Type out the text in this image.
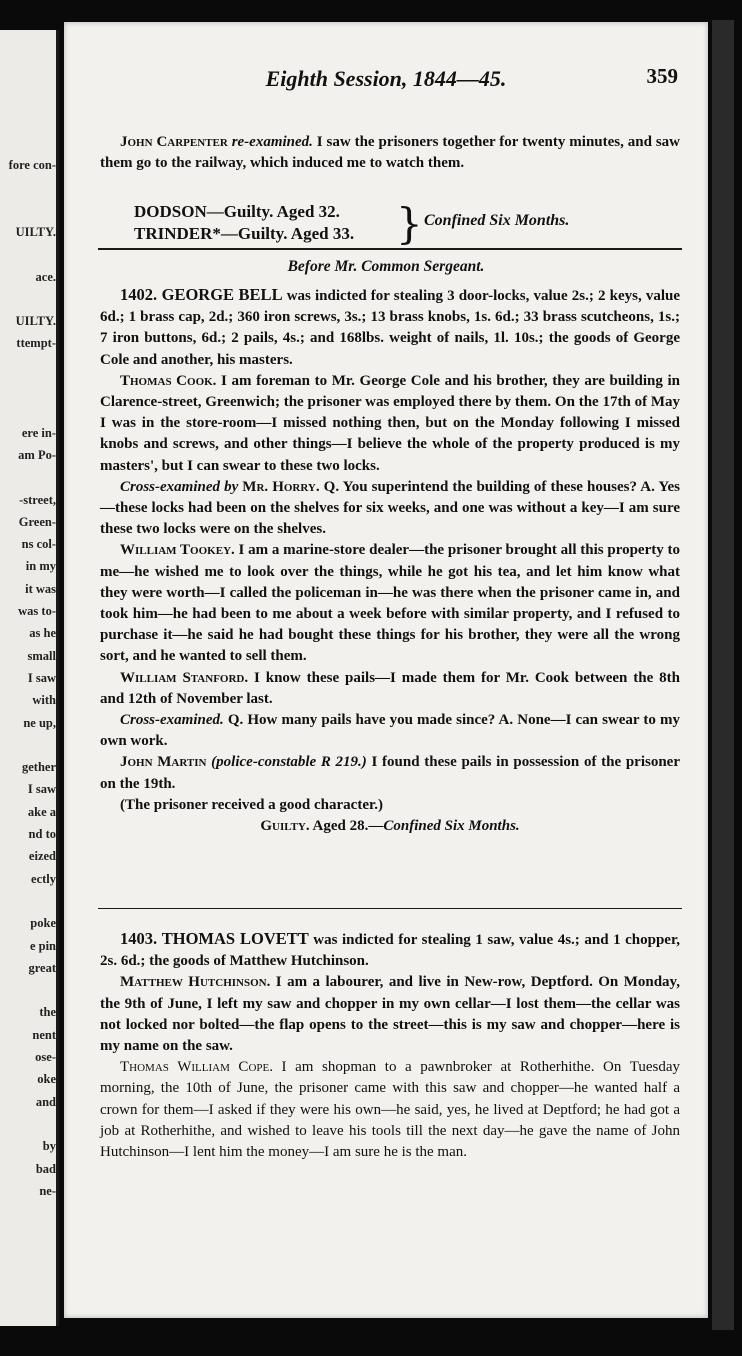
fore con-
UILTY.
ace.
UILTY.
ttempt-
ere in-
am Po-
-street,
Green-
ns col-
in my
it was
was to-
as he
small
I saw
with
ne up,
gether
I saw
ake a
nd to
eized
ectly
poke
e pin
great
the
nent
ose-
oke
and
by
bad
ne-
Eighth Session, 1844—45.	359

John Carpenter re-examined. I saw the prisoners together for twenty minutes, and saw them go to the railway, which induced me to watch them.

DODSON—Guilty. Aged 32.
TRINDER*—Guilty. Aged 33. } Confined Six Months.
Before Mr. Common Sergeant.

1402. GEORGE BELL was indicted for stealing 3 door-locks, value 2s.; 2 keys, value 6d.; 1 brass cap, 2d.; 360 iron screws, 3s.; 13 brass knobs, 1s. 6d.; 33 brass scutcheons, 1s.; 7 iron buttons, 6d.; 2 pails, 4s.; and 168lbs. weight of nails, 1l. 10s.; the goods of George Cole and another, his masters.

Thomas Cook. I am foreman to Mr. George Cole and his brother, they are building in Clarence-street, Greenwich; the prisoner was employed there by them. On the 17th of May I was in the store-room—I missed nothing then, but on the Monday following I missed knobs and screws, and other things—I believe the whole of the property produced is my masters', but I can swear to these two locks.

Cross-examined by Mr. Horry. Q. You superintend the building of these houses? A. Yes—these locks had been on the shelves for six weeks, and one was without a key—I am sure these two locks were on the shelves.

William Tookey. I am a marine-store dealer—the prisoner brought all this property to me—he wished me to look over the things, while he got his tea, and let him know what they were worth—I called the policeman in—he was there when the prisoner came in, and took him—he had been to me about a week before with similar property, and I refused to purchase it—he said he had bought these things for his brother, they were all the wrong sort, and he wanted to sell them.

William Stanford. I know these pails—I made them for Mr. Cook between the 8th and 12th of November last.

Cross-examined. Q. How many pails have you made since? A. None—I can swear to my own work.

John Martin (police-constable R 219.) I found these pails in possession of the prisoner on the 19th.

(The prisoner received a good character.)

Guilty. Aged 28.—Confined Six Months.

1403. THOMAS LOVETT was indicted for stealing 1 saw, value 4s.; and 1 chopper, 2s. 6d.; the goods of Matthew Hutchinson.

Matthew Hutchinson. I am a labourer, and live in New-row, Deptford. On Monday, the 9th of June, I left my saw and chopper in my own cellar—I lost them—the cellar was not locked nor bolted—the flap opens to the street—this is my saw and chopper—here is my name on the saw.

Thomas William Cope. I am shopman to a pawnbroker at Rotherhithe. On Tuesday morning, the 10th of June, the prisoner came with this saw and chopper—he wanted half a crown for them—I asked if they were his own—he said, yes, he lived at Deptford; he had got a job at Rotherhithe, and wished to leave his tools till the next day—he gave the name of John Hutchinson—I lent him the money—I am sure he is the man.
